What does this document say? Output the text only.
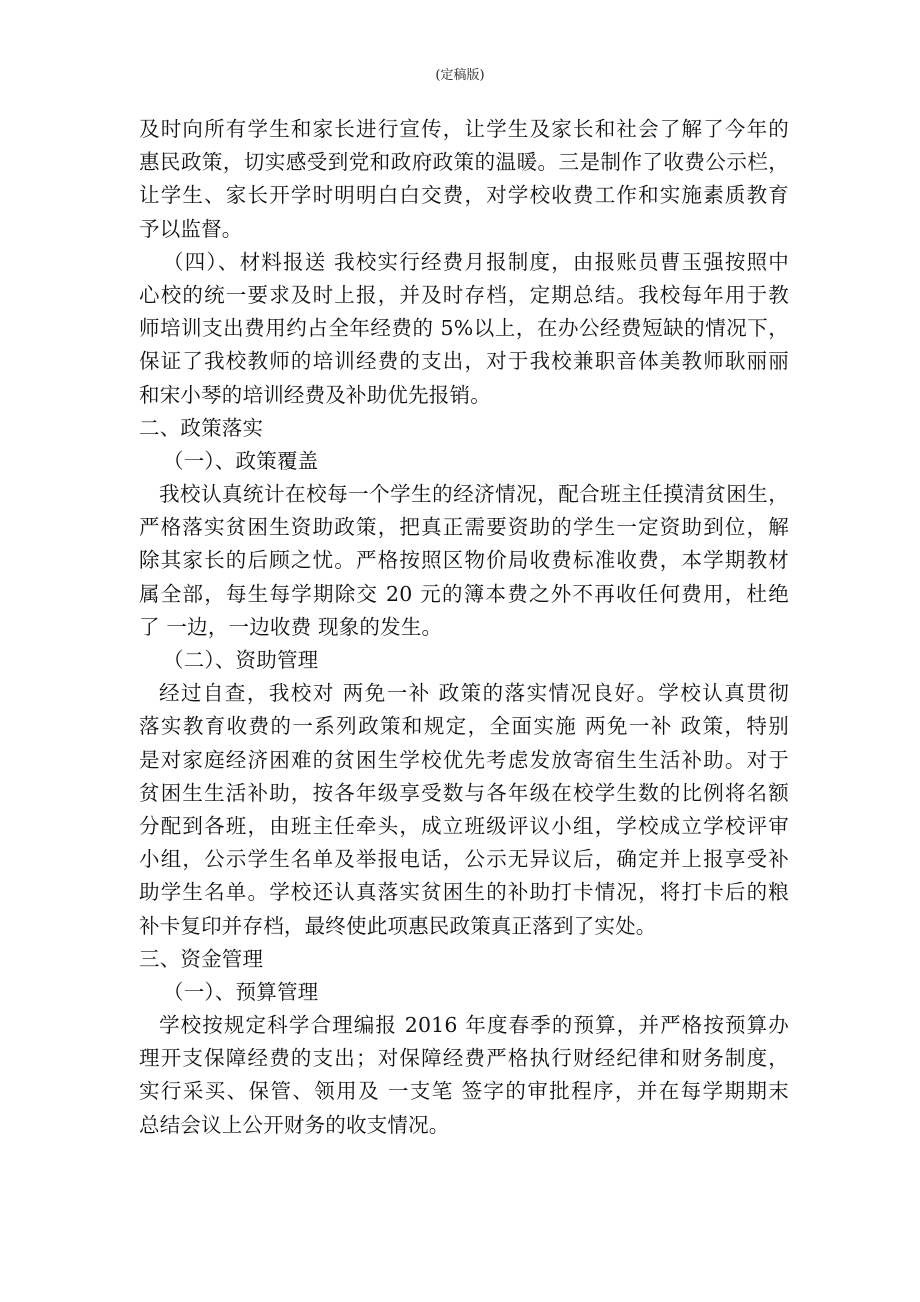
(定稿版)
及时向所有学生和家长进行宣传，让学生及家长和社会了解了今年的
惠民政策，切实感受到党和政府政策的温暖。三是制作了收费公示栏，
让学生、家长开学时明明白白交费，对学校收费工作和实施素质教育
予以监督。
（四）、材料报送 我校实行经费月报制度，由报账员曹玉强按照中
心校的统一要求及时上报，并及时存档，定期总结。我校每年用于教
师培训支出费用约占全年经费的 5%以上，在办公经费短缺的情况下，
保证了我校教师的培训经费的支出，对于我校兼职音体美教师耿丽丽
和宋小琴的培训经费及补助优先报销。
二、政策落实
（一）、政策覆盖
我校认真统计在校每一个学生的经济情况，配合班主任摸清贫困生，
严格落实贫困生资助政策，把真正需要资助的学生一定资助到位，解
除其家长的后顾之忧。严格按照区物价局收费标准收费，本学期教材
属全部，每生每学期除交 20 元的簿本费之外不再收任何费用，杜绝
了 一边，一边收费 现象的发生。
（二）、资助管理
经过自查，我校对 两免一补 政策的落实情况良好。学校认真贯彻
落实教育收费的一系列政策和规定，全面实施 两免一补 政策，特别
是对家庭经济困难的贫困生学校优先考虑发放寄宿生生活补助。对于
贫困生生活补助，按各年级享受数与各年级在校学生数的比例将名额
分配到各班，由班主任牵头，成立班级评议小组，学校成立学校评审
小组，公示学生名单及举报电话，公示无异议后，确定并上报享受补
助学生名单。学校还认真落实贫困生的补助打卡情况，将打卡后的粮
补卡复印并存档，最终使此项惠民政策真正落到了实处。
三、资金管理
（一）、预算管理
学校按规定科学合理编报 2016 年度春季的预算，并严格按预算办
理开支保障经费的支出；对保障经费严格执行财经纪律和财务制度，
实行采买、保管、领用及 一支笔 签字的审批程序，并在每学期期末
总结会议上公开财务的收支情况。
